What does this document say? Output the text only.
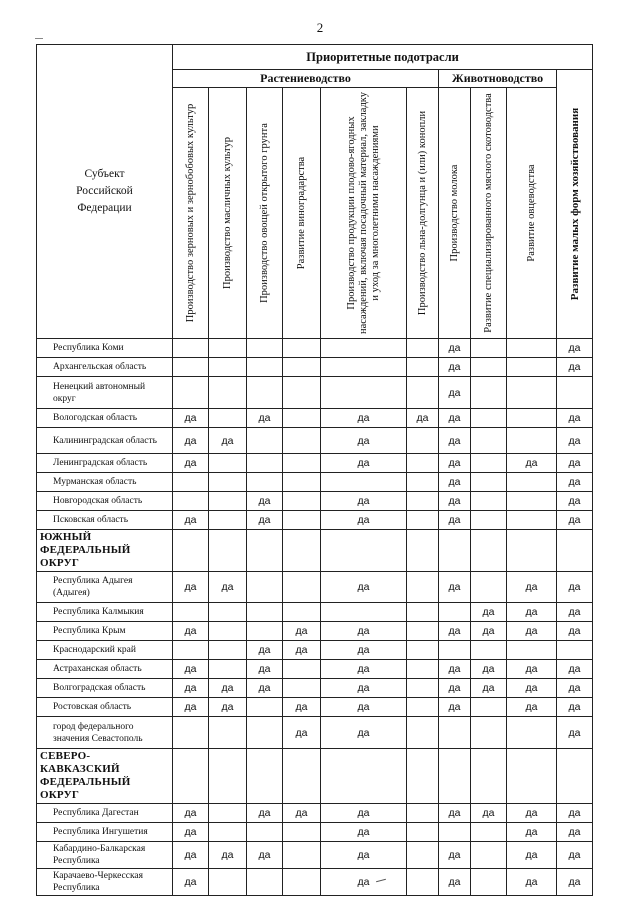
2
Субъект
Российской
Федерации	Приоритетные подотрасли									
	Растениеводство						Животноводство			Развитие малых форм хозяйствования

	Производство зерновых и зернобобовых культур	Производство масличных культур	Производство овощей открытого грунта	Развитие виноградарства	Производство продукции плодово-ягодных насаждений, включая посадочный материал, закладку и уход за многолетними насаждениями	Производство льна-долгунца и (или) конопли	Производство молока	Развитие специализированного мясного скотоводства	Развитие овцеводства	

Республика Коми							да			да
Архангельская область							да			да
Ненецкий автономный округ							да			
Вологодская область	да		да		да	да	да			да
Калининградская область	да	да			да		да			да
Ленинградская область	да				да		да		да	да
Мурманская область							да			да
Новгородская область			да		да		да			да
Псковская область	да		да		да		да			да
ЮЖНЫЙ ФЕДЕРАЛЬНЫЙ ОКРУГ										
Республика Адыгея (Адыгея)	да	да			да		да		да	да
Республика Калмыкия								да	да	да
Республика Крым	да			да	да		да	да	да	да
Краснодарский край			да	да	да					
Астраханская область	да		да		да		да	да	да	да
Волгоградская область	да	да	да		да		да	да	да	да
Ростовская область	да	да		да	да		да		да	да
город федерального значения Севастополь				да	да					да
СЕВЕРО-КАВКАЗСКИЙ ФЕДЕРАЛЬНЫЙ ОКРУГ										
Республика Дагестан	да		да	да	да		да	да	да	да
Республика Ингушетия	да				да				да	да
Кабардино-Балкарская Республика	да	да	да		да		да		да	да
Карачаево-Черкесская Республика	да				да		да		да	да
